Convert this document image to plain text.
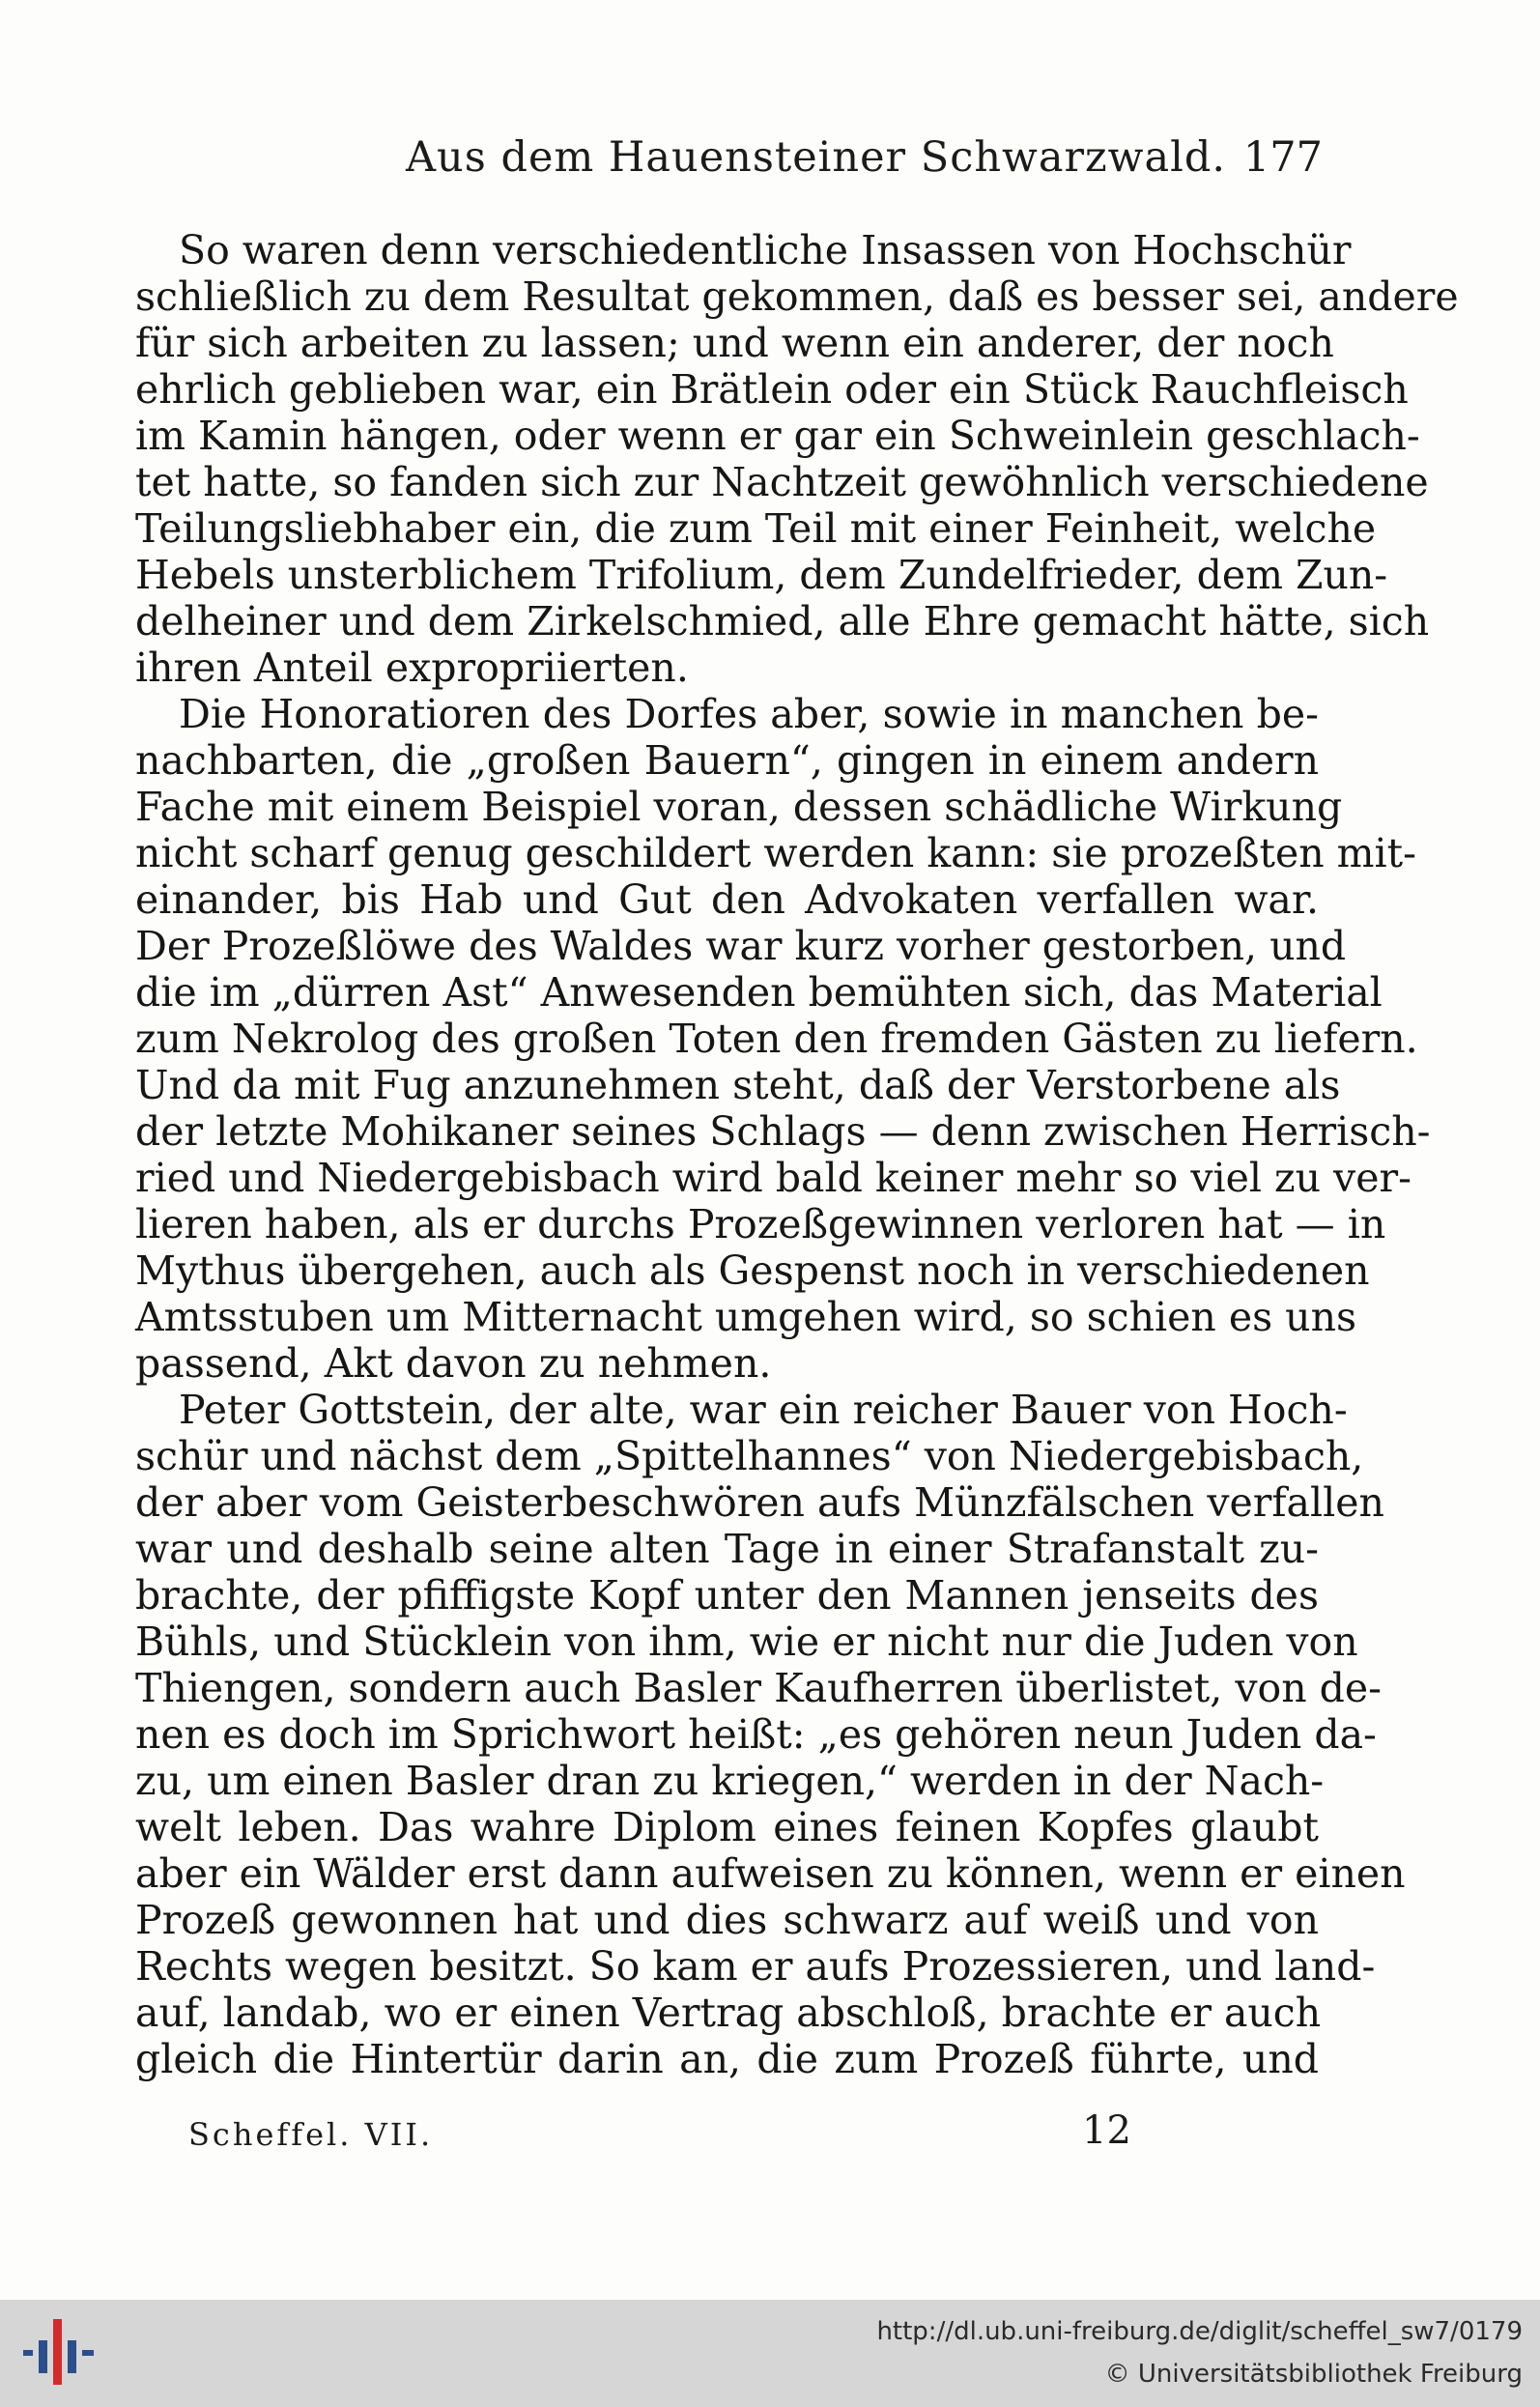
Aus dem Hauensteiner Schwarzwald. 177
So waren denn verschiedentliche Insassen von Hochschür
schließlich zu dem Resultat gekommen, daß es besser sei, andere
für sich arbeiten zu lassen; und wenn ein anderer, der noch
ehrlich geblieben war, ein Brätlein oder ein Stück Rauchfleisch
im Kamin hängen, oder wenn er gar ein Schweinlein geschlach-
tet hatte, so fanden sich zur Nachtzeit gewöhnlich verschiedene
Teilungsliebhaber ein, die zum Teil mit einer Feinheit, welche
Hebels unsterblichem Trifolium, dem Zundelfrieder, dem Zun-
delheiner und dem Zirkelschmied, alle Ehre gemacht hätte, sich
ihren Anteil expropriierten.
Die Honoratioren des Dorfes aber, sowie in manchen be-
nachbarten, die „großen Bauern“, gingen in einem andern
Fache mit einem Beispiel voran, dessen schädliche Wirkung
nicht scharf genug geschildert werden kann: sie prozeßten mit-
einander, bis Hab und Gut den Advokaten verfallen war.
Der Prozeßlöwe des Waldes war kurz vorher gestorben, und
die im „dürren Ast“ Anwesenden bemühten sich, das Material
zum Nekrolog des großen Toten den fremden Gästen zu liefern.
Und da mit Fug anzunehmen steht, daß der Verstorbene als
der letzte Mohikaner seines Schlags — denn zwischen Herrisch-
ried und Niedergebisbach wird bald keiner mehr so viel zu ver-
lieren haben, als er durchs Prozeßgewinnen verloren hat — in
Mythus übergehen, auch als Gespenst noch in verschiedenen
Amtsstuben um Mitternacht umgehen wird, so schien es uns
passend, Akt davon zu nehmen.
Peter Gottstein, der alte, war ein reicher Bauer von Hoch-
schür und nächst dem „Spittelhannes“ von Niedergebisbach,
der aber vom Geisterbeschwören aufs Münzfälschen verfallen
war und deshalb seine alten Tage in einer Strafanstalt zu-
brachte, der pfiffigste Kopf unter den Mannen jenseits des
Bühls, und Stücklein von ihm, wie er nicht nur die Juden von
Thiengen, sondern auch Basler Kaufherren überlistet, von de-
nen es doch im Sprichwort heißt: „es gehören neun Juden da-
zu, um einen Basler dran zu kriegen,“ werden in der Nach-
welt leben. Das wahre Diplom eines feinen Kopfes glaubt
aber ein Wälder erst dann aufweisen zu können, wenn er einen
Prozeß gewonnen hat und dies schwarz auf weiß und von
Rechts wegen besitzt. So kam er aufs Prozessieren, und land-
auf, landab, wo er einen Vertrag abschloß, brachte er auch
gleich die Hintertür darin an, die zum Prozeß führte, und
Scheffel. VII.	12
http://dl.ub.uni-freiburg.de/diglit/scheffel_sw7/0179
© Universitätsbibliothek Freiburg
